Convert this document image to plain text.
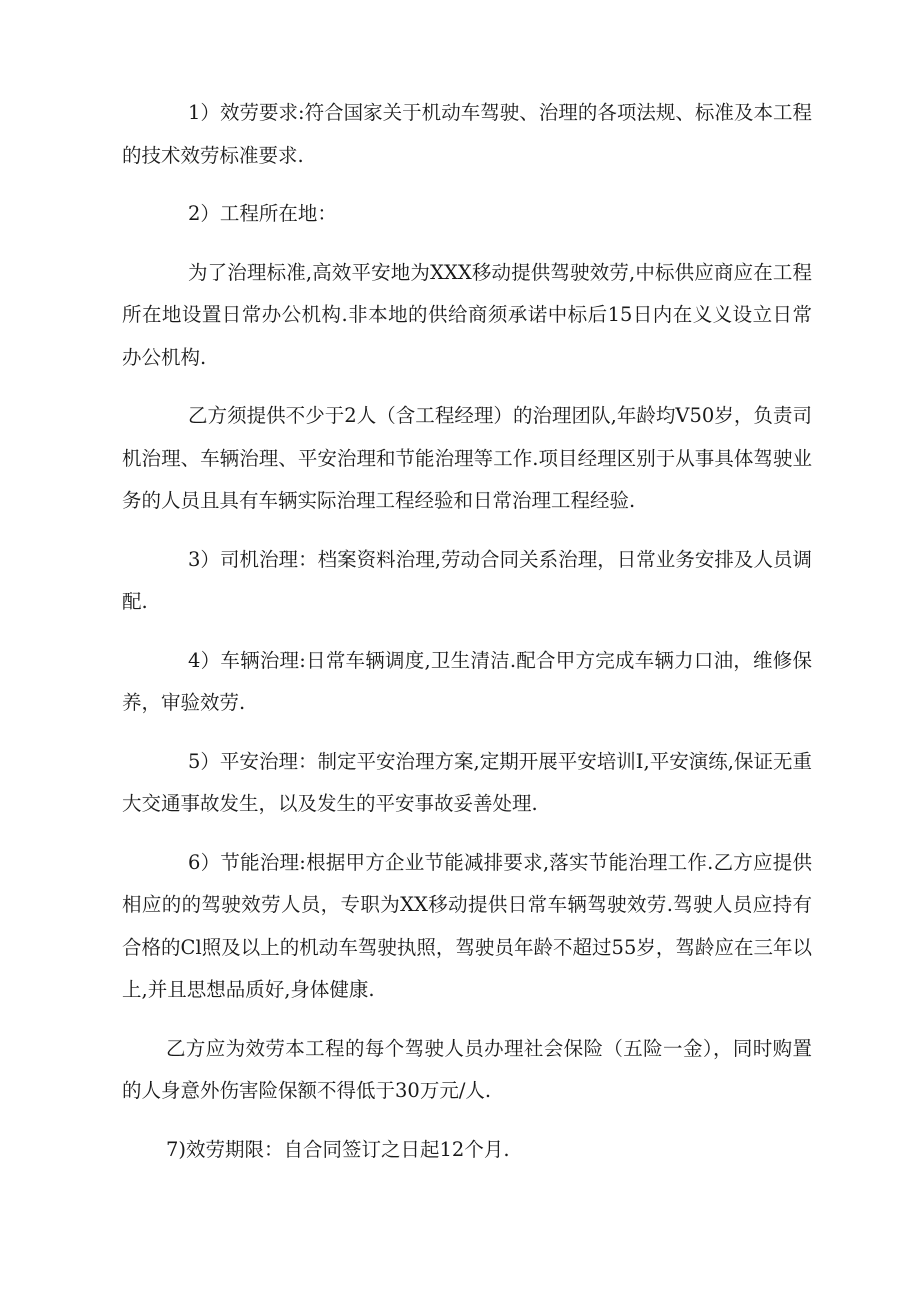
1）效劳要求:符合国家关于机动车驾驶、治理的各项法规、标准及本工程的技术效劳标准要求.

2）工程所在地：

为了治理标准,高效平安地为XXX移动提供驾驶效劳,中标供应商应在工程所在地设置日常办公机构.非本地的供给商须承诺中标后15日内在义义设立日常办公机构.

乙方须提供不少于2人（含工程经理）的治理团队,年龄均V50岁，负责司机治理、车辆治理、平安治理和节能治理等工作.项目经理区别于从事具体驾驶业务的人员且具有车辆实际治理工程经验和日常治理工程经验.

3）司机治理：档案资料治理,劳动合同关系治理，日常业务安排及人员调配.

4）车辆治理:日常车辆调度,卫生清洁.配合甲方完成车辆力口油，维修保养，审验效劳.

5）平安治理：制定平安治理方案,定期开展平安培训I,平安演练,保证无重大交通事故发生，以及发生的平安事故妥善处理.

6）节能治理:根据甲方企业节能减排要求,落实节能治理工作.乙方应提供相应的的驾驶效劳人员，专职为XX移动提供日常车辆驾驶效劳.驾驶人员应持有合格的Cl照及以上的机动车驾驶执照，驾驶员年龄不超过55岁，驾龄应在三年以上,并且思想品质好,身体健康.

乙方应为效劳本工程的每个驾驶人员办理社会保险（五险一金），同时购置的人身意外伤害险保额不得低于30万元/人.

7)效劳期限：自合同签订之日起12个月.
